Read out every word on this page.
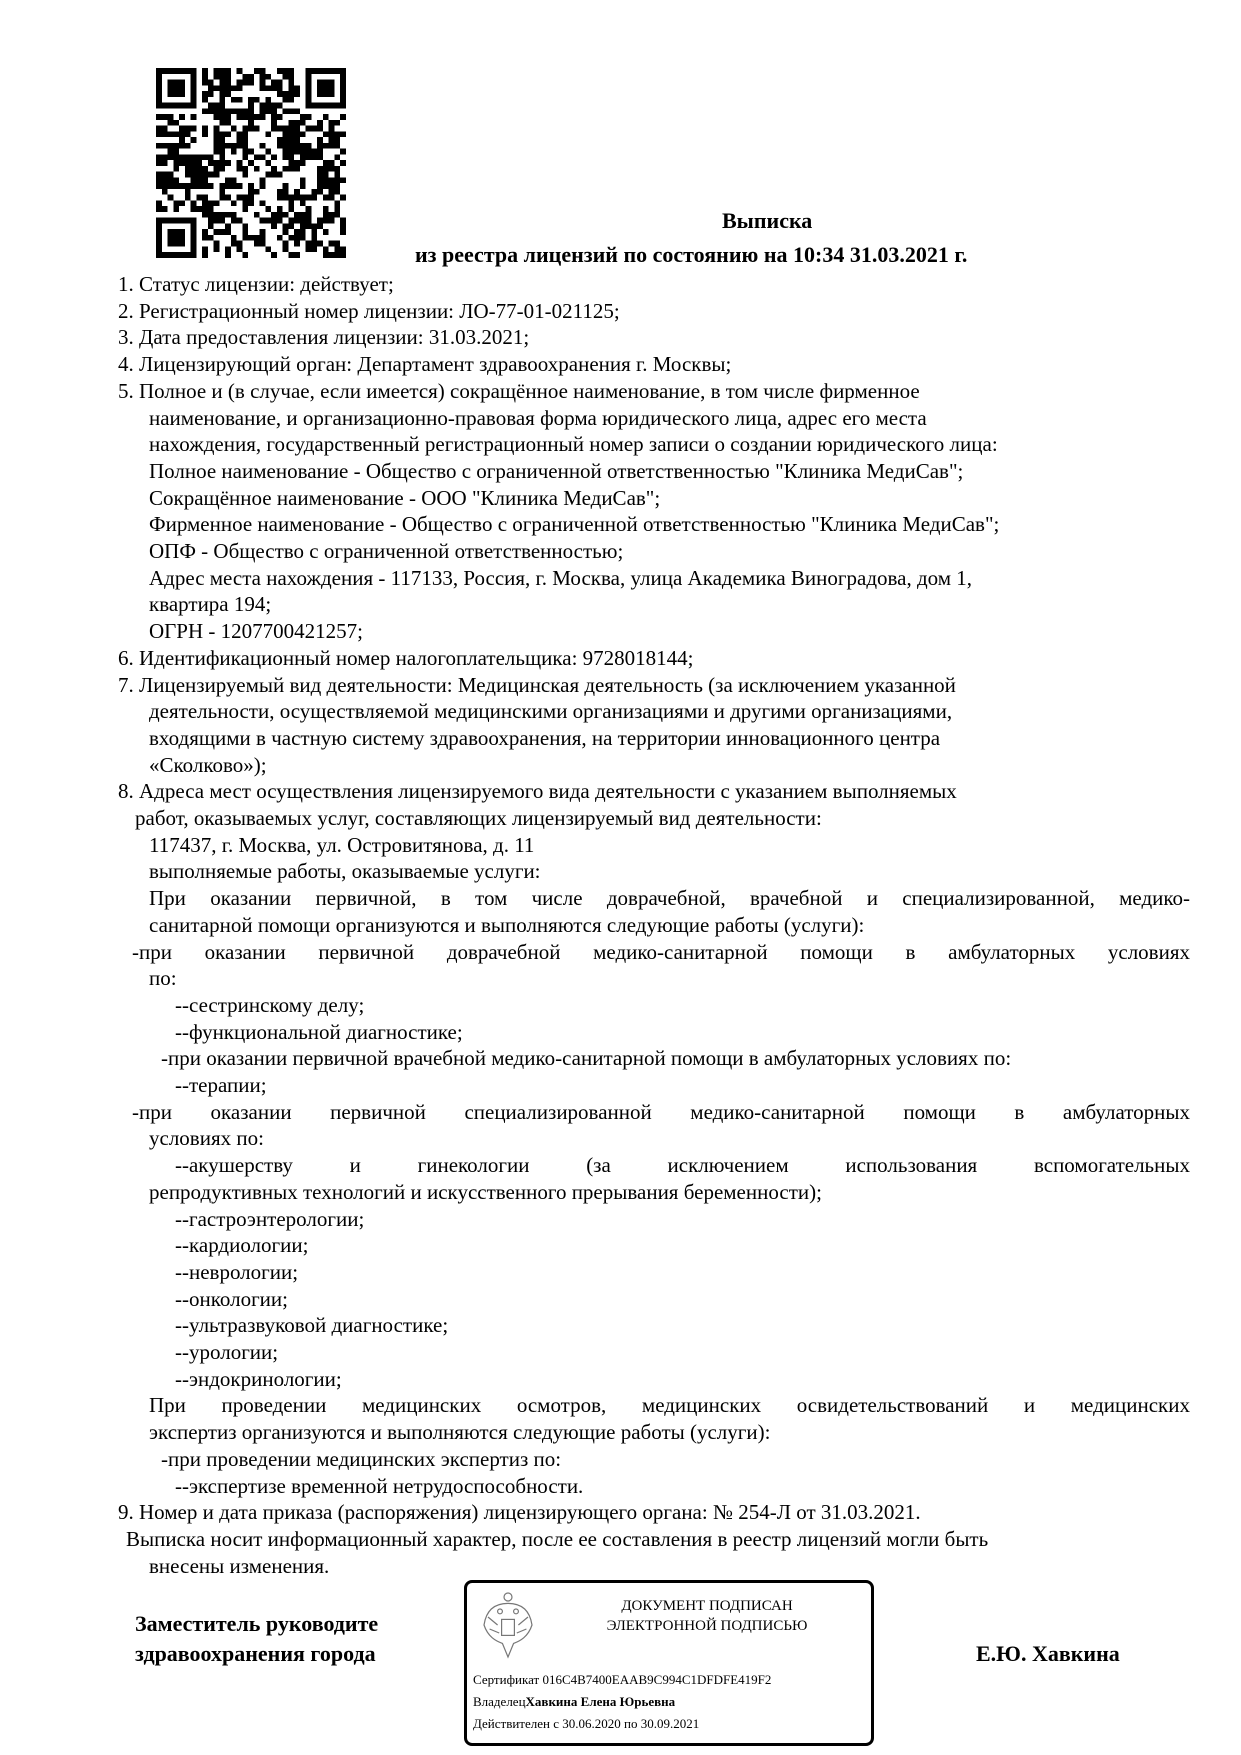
Выписка
из реестра лицензий по состоянию на 10:34 31.03.2021 г.
1. Статус лицензии: действует;
2. Регистрационный номер лицензии: ЛО-77-01-021125;
3. Дата предоставления лицензии: 31.03.2021;
4. Лицензирующий орган: Департамент здравоохранения г. Москвы;
5. Полное и (в случае, если имеется) сокращённое наименование, в том числе фирменное
наименование, и организационно-правовая форма юридического лица, адрес его места
нахождения, государственный регистрационный номер записи о создании юридического лица:
Полное наименование - Общество с ограниченной ответственностью "Клиника МедиСав";
Сокращённое наименование - ООО "Клиника МедиСав";
Фирменное наименование - Общество с ограниченной ответственностью "Клиника МедиСав";
ОПФ - Общество с ограниченной ответственностью;
Адрес места нахождения - 117133, Россия, г. Москва, улица Академика Виноградова, дом 1,
квартира 194;
ОГРН - 1207700421257;
6. Идентификационный номер налогоплательщика: 9728018144;
7. Лицензируемый вид деятельности: Медицинская деятельность (за исключением указанной
деятельности, осуществляемой медицинскими организациями и другими организациями,
входящими в частную систему здравоохранения, на территории инновационного центра
«Сколково»);
8. Адреса мест осуществления лицензируемого вида деятельности с указанием выполняемых
работ, оказываемых услуг, составляющих лицензируемый вид деятельности:
117437, г. Москва, ул. Островитянова, д. 11
выполняемые работы, оказываемые услуги:
При оказании первичной, в том числе доврачебной, врачебной и специализированной, медико-
санитарной помощи организуются и выполняются следующие работы (услуги):
-при оказании первичной доврачебной медико-санитарной помощи в амбулаторных условиях
по:
--сестринскому делу;
--функциональной диагностике;
-при оказании первичной врачебной медико-санитарной помощи в амбулаторных условиях по:
--терапии;
-при оказании первичной специализированной медико-санитарной помощи в амбулаторных
условиях по:
--акушерству и гинекологии (за исключением использования вспомогательных
репродуктивных технологий и искусственного прерывания беременности);
--гастроэнтерологии;
--кардиологии;
--неврологии;
--онкологии;
--ультразвуковой диагностике;
--урологии;
--эндокринологии;
При проведении медицинских осмотров, медицинских освидетельствований и медицинских
экспертиз организуются и выполняются следующие работы (услуги):
-при проведении медицинских экспертиз по:
--экспертизе временной нетрудоспособности.
9. Номер и дата приказа (распоряжения) лицензирующего органа: № 254-Л от 31.03.2021.
Выписка носит информационный характер, после ее составления в реестр лицензий могли быть
внесены изменения.
Заместитель руководите
здравоохранения города	Е.Ю. Хавкина
ДОКУМЕНТ ПОДПИСАН
ЭЛЕКТРОННОЙ ПОДПИСЬЮ
Сертификат 016C4B7400EAAB9C994C1DFDFE419F2
ВладелецХавкина Елена Юрьевна
Действителен с 30.06.2020 по 30.09.2021
